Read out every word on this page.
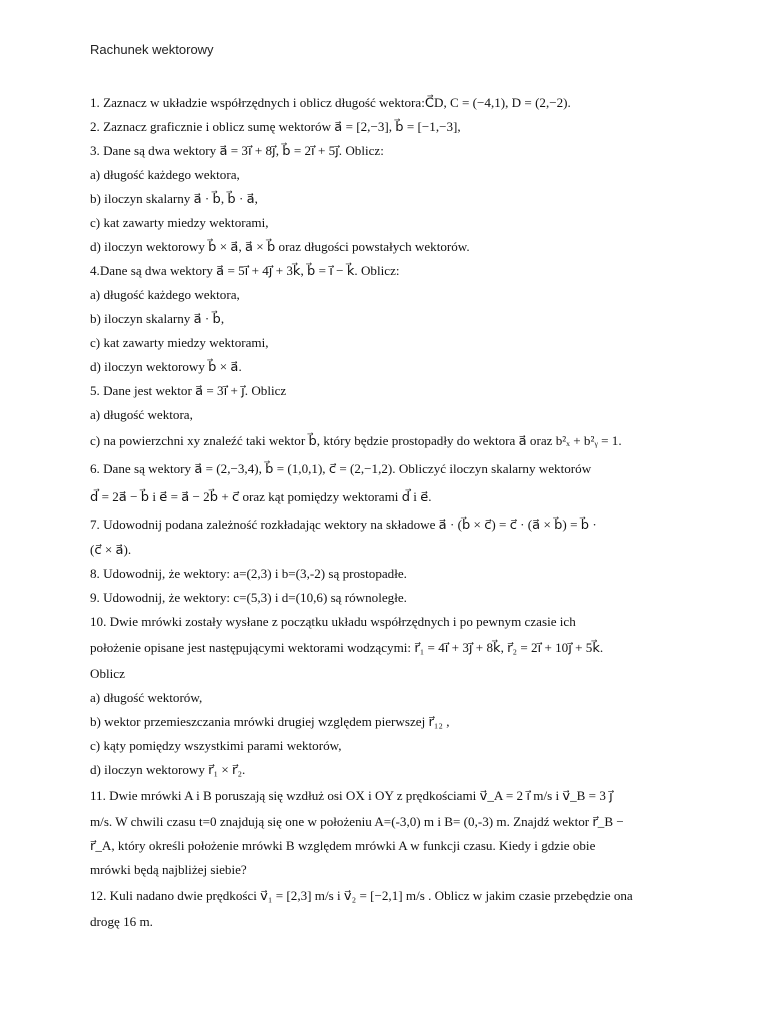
Rachunek wektorowy
1. Zaznacz w układzie współrzędnych i oblicz długość wektora:C⃗D, C = (−4,1), D = (2,−2).
2. Zaznacz graficznie i oblicz sumę wektorów a⃗ = [2,−3], b⃗ = [−1,−3],
3. Dane są dwa wektory a⃗ = 3i⃗ + 8j⃗, b⃗ = 2i⃗ + 5j⃗. Oblicz:
a) długość każdego wektora,
b) iloczyn skalarny a⃗ · b⃗, b⃗ · a⃗,
c) kat zawarty miedzy wektorami,
d) iloczyn wektorowy b⃗ × a⃗, a⃗ × b⃗ oraz długości powstałych wektorów.
4.Dane są dwa wektory a⃗ = 5i⃗ + 4j⃗ + 3k⃗, b⃗ = i⃗ − k⃗. Oblicz:
a) długość każdego wektora,
b) iloczyn skalarny a⃗ · b⃗,
c) kat zawarty miedzy wektorami,
d) iloczyn wektorowy b⃗ × a⃗.
5. Dane jest wektor a⃗ = 3i⃗ + j⃗. Oblicz
a) długość wektora,
c) na powierzchni xy znaleźć taki wektor b⃗, który będzie prostopadły do wektora a⃗ oraz b²ₓ + b²ᵧ = 1.
6. Dane są wektory a⃗ = (2,−3,4), b⃗ = (1,0,1), c⃗ = (2,−1,2). Obliczyć iloczyn skalarny wektorów
d⃗ = 2a⃗ − b⃗ i e⃗ = a⃗ − 2b⃗ + c⃗ oraz kąt pomiędzy wektorami d⃗ i e⃗.
7. Udowodnij podana zależność rozkładając wektory na składowe a⃗ · (b⃗ × c⃗) = c⃗ · (a⃗ × b⃗) = b⃗ ·
(c⃗ × a⃗).
8. Udowodnij, że wektory: a=(2,3) i b=(3,-2) są prostopadłe.
9. Udowodnij, że wektory: c=(5,3) i d=(10,6) są równoległe.
10. Dwie mrówki zostały wysłane z początku układu współrzędnych i po pewnym czasie ich
położenie opisane jest następującymi wektorami wodzącymi: r⃗₁ = 4i⃗ + 3j⃗ + 8k⃗, r⃗₂ = 2i⃗ + 10j⃗ + 5k⃗.
Oblicz
a) długość wektorów,
b) wektor przemieszczania mrówki drugiej względem pierwszej r⃗₁₂ ,
c) kąty pomiędzy wszystkimi parami wektorów,
d) iloczyn wektorowy r⃗₁ × r⃗₂.
11. Dwie mrówki A i B poruszają się wzdłuż osi OX i OY z prędkościami v⃗_A = 2 i⃗ m/s i v⃗_B = 3 j⃗
m/s. W chwili czasu t=0 znajdują się one w położeniu A=(-3,0) m i B= (0,-3) m. Znajdź wektor r⃗_B −
r⃗_A, który określi położenie mrówki B względem mrówki A w funkcji czasu. Kiedy i gdzie obie
mrówki będą najbliżej siebie?
12. Kuli nadano dwie prędkości v⃗₁ = [2,3] m/s i v⃗₂ = [−2,1] m/s . Oblicz w jakim czasie przebędzie ona
drogę 16 m.
